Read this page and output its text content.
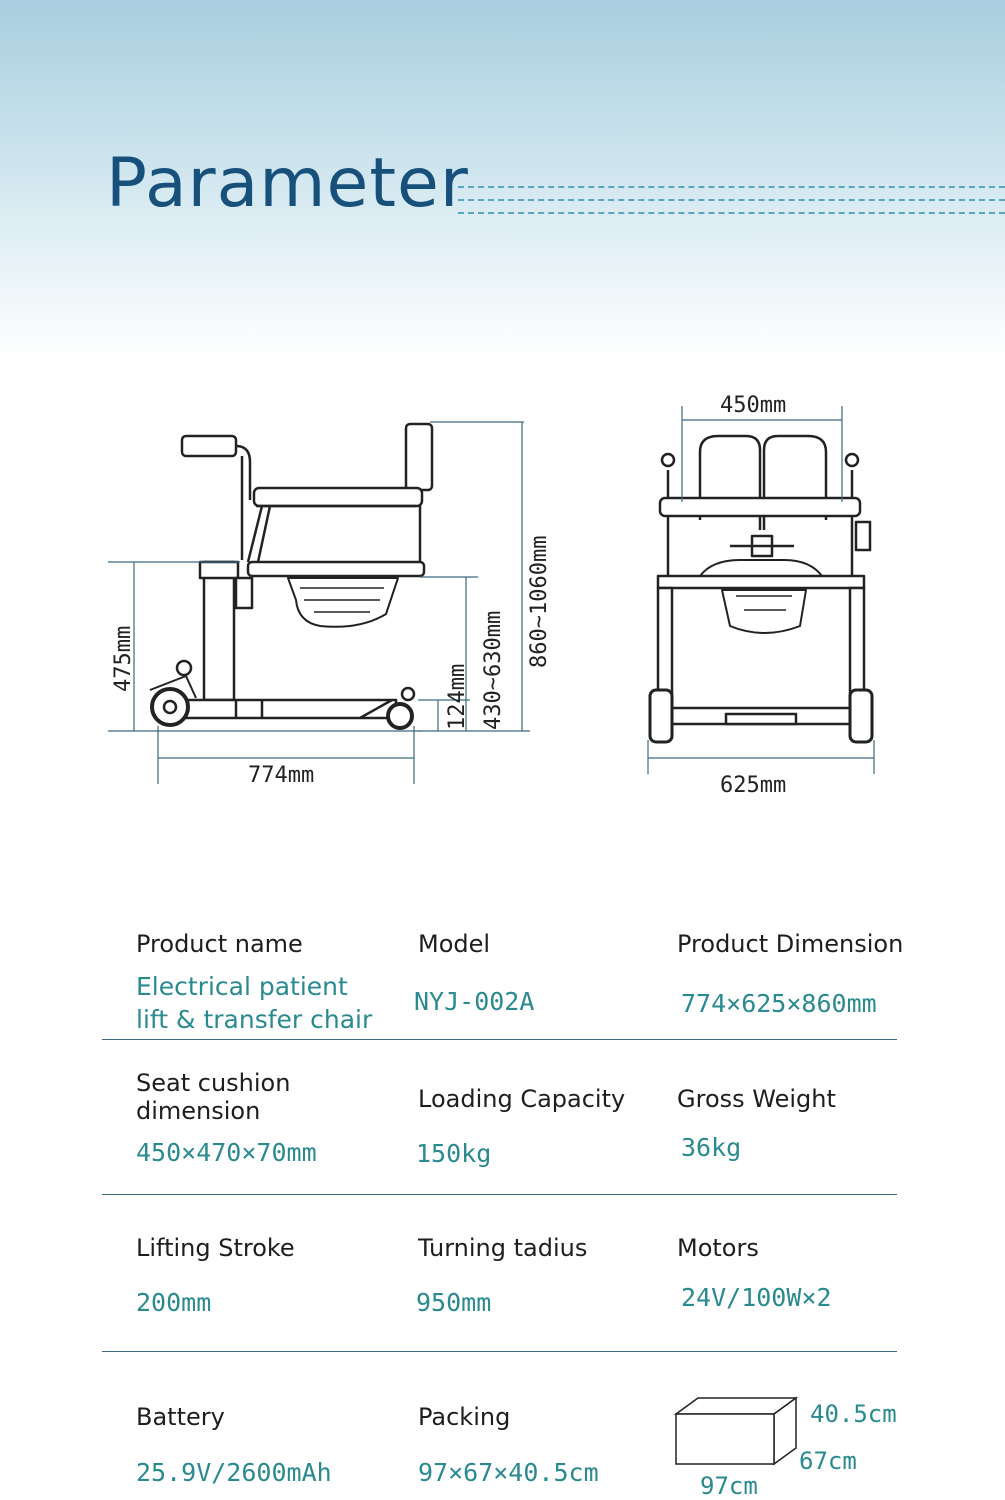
Parameter
774mm
475mm
124mm 430~630mm
860~1060mm
450mm
625mm
Product name
Electrical patient
lift & transfer chair
Model
NYJ-002A
Product Dimension
774×625×860mm
Seat cushion
dimension
450×470×70mm
Loading Capacity
150kg
Gross Weight
36kg
Lifting Stroke
200mm
Turning tadius
950mm
Motors
24V/100W×2
Battery
25.9V/2600mAh
Packing
97×67×40.5cm
40.5cm
67cm
97cm
